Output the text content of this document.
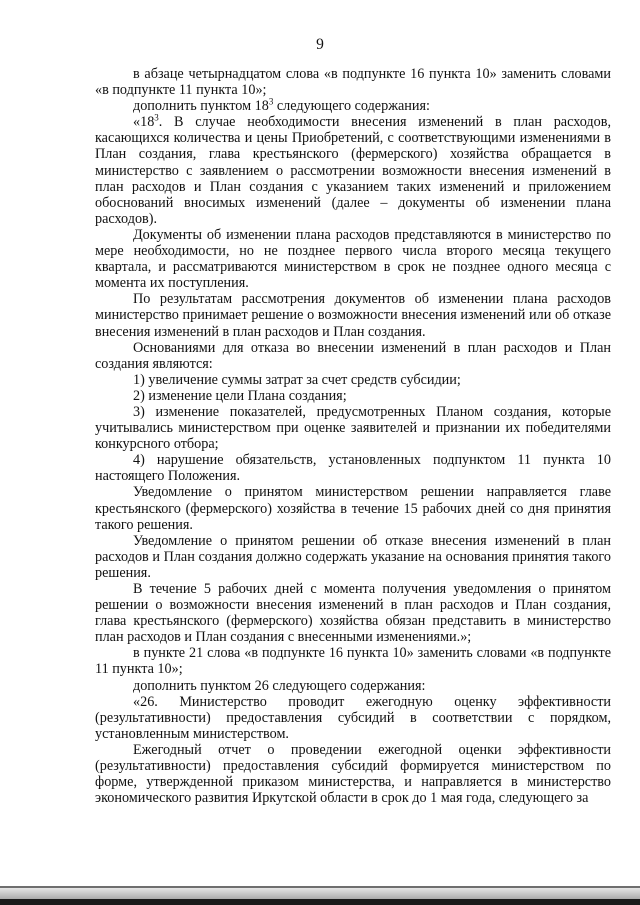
9

в абзаце четырнадцатом слова «в подпункте 16 пункта 10» заменить словами «в подпункте 11 пункта 10»;

дополнить пунктом $18^3$ следующего содержания:

«$18^3$. В случае необходимости внесения изменений в план расходов, касающихся количества и цены Приобретений, с соответствующими изменениями в План создания, глава крестьянского (фермерского) хозяйства обращается в министерство с заявлением о рассмотрении возможности внесения изменений в план расходов и План создания с указанием таких изменений и приложением обоснований вносимых изменений (далее – документы об изменении плана расходов).

Документы об изменении плана расходов представляются в министерство по мере необходимости, но не позднее первого числа второго месяца текущего квартала, и рассматриваются министерством в срок не позднее одного месяца с момента их поступления.

По результатам рассмотрения документов об изменении плана расходов министерство принимает решение о возможности внесения изменений или об отказе внесения изменений в план расходов и План создания.

Основаниями для отказа во внесении изменений в план расходов и План создания являются:

1) увеличение суммы затрат за счет средств субсидии;

2) изменение цели Плана создания;

3) изменение показателей, предусмотренных Планом создания, которые учитывались министерством при оценке заявителей и признании их победителями конкурсного отбора;

4) нарушение обязательств, установленных подпунктом 11 пункта 10 настоящего Положения.

Уведомление о принятом министерством решении направляется главе крестьянского (фермерского) хозяйства в течение 15 рабочих дней со дня принятия такого решения.

Уведомление о принятом решении об отказе внесения изменений в план расходов и План создания должно содержать указание на основания принятия такого решения.

В течение 5 рабочих дней с момента получения уведомления о принятом решении о возможности внесения изменений в план расходов и План создания, глава крестьянского (фермерского) хозяйства обязан представить в министерство план расходов и План создания с внесенными изменениями.»;

в пункте 21 слова «в подпункте 16 пункта 10» заменить словами «в подпункте 11 пункта 10»;

дополнить пунктом 26 следующего содержания:

«26. Министерство проводит ежегодную оценку эффективности (результативности) предоставления субсидий в соответствии с порядком, установленным министерством.

Ежегодный отчет о проведении ежегодной оценки эффективности (результативности) предоставления субсидий формируется министерством по форме, утвержденной приказом министерства, и направляется в министерство экономического развития Иркутской области в срок до 1 мая года, следующего за
